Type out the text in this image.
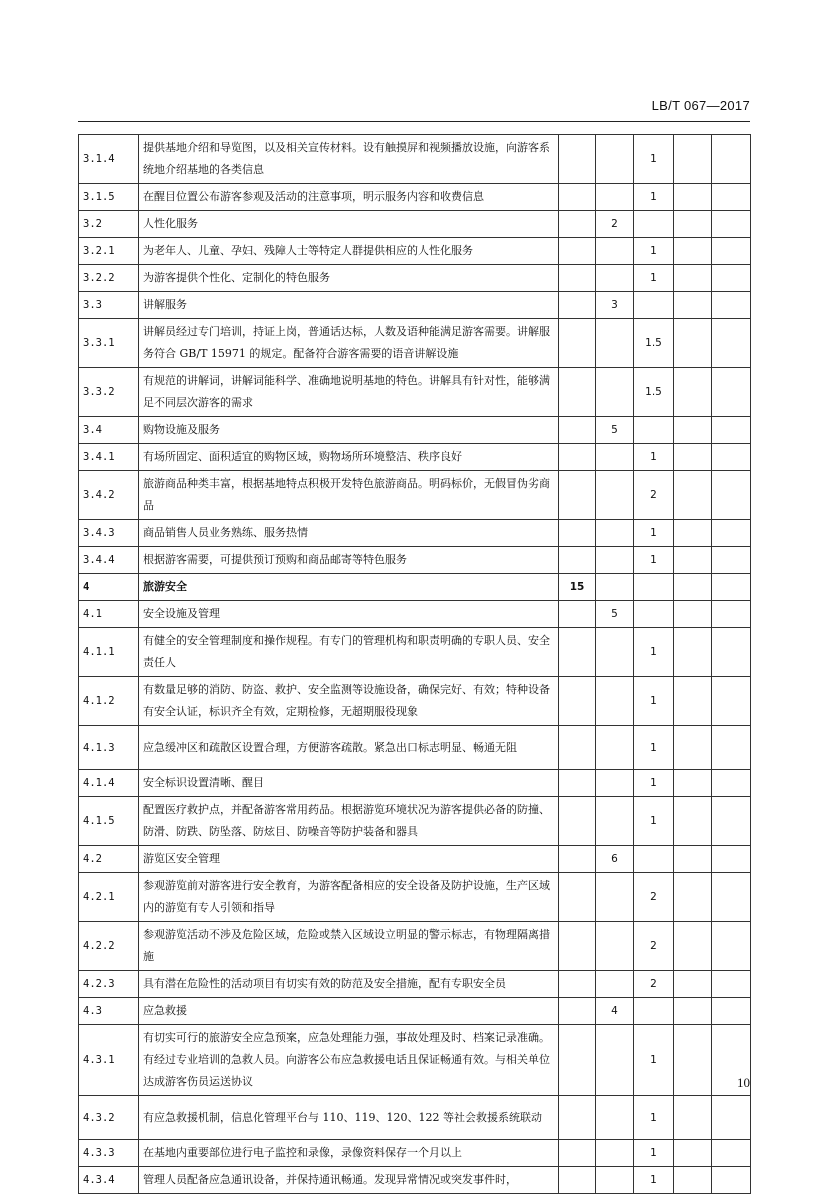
LB/T 067—2017
3.1.4	提供基地介绍和导览图，以及相关宣传材料。设有触摸屏和视频播放设施，向游客系统地介绍基地的各类信息			1		
3.1.5	在醒目位置公布游客参观及活动的注意事项，明示服务内容和收费信息			1		
3.2	人性化服务		2			
3.2.1	为老年人、儿童、孕妇、残障人士等特定人群提供相应的人性化服务			1		
3.2.2	为游客提供个性化、定制化的特色服务			1		
3.3	讲解服务		3			
3.3.1	讲解员经过专门培训，持证上岗，普通话达标，人数及语种能满足游客需要。讲解服务符合 GB/T 15971 的规定。配备符合游客需要的语音讲解设施			1.5		
3.3.2	有规范的讲解词，讲解词能科学、准确地说明基地的特色。讲解具有针对性，能够满足不同层次游客的需求			1.5		
3.4	购物设施及服务		5			
3.4.1	有场所固定、面积适宜的购物区域，购物场所环境整洁、秩序良好			1		
3.4.2	旅游商品种类丰富，根据基地特点积极开发特色旅游商品。明码标价，无假冒伪劣商品			2		
3.4.3	商品销售人员业务熟练、服务热情			1		
3.4.4	根据游客需要，可提供预订预购和商品邮寄等特色服务			1		
4	旅游安全	15				
4.1	安全设施及管理		5			
4.1.1	有健全的安全管理制度和操作规程。有专门的管理机构和职责明确的专职人员、安全责任人			1		
4.1.2	有数量足够的消防、防盗、救护、安全监测等设施设备，确保完好、有效；特种设备有安全认证，标识齐全有效，定期检修，无超期服役现象			1		
4.1.3	应急缓冲区和疏散区设置合理，方便游客疏散。紧急出口标志明显、畅通无阻			1		
4.1.4	安全标识设置清晰、醒目			1		
4.1.5	配置医疗救护点，并配备游客常用药品。根据游览环境状况为游客提供必备的防撞、防滑、防跌、防坠落、防炫目、防噪音等防护装备和器具			1		
4.2	游览区安全管理		6			
4.2.1	参观游览前对游客进行安全教育，为游客配备相应的安全设备及防护设施，生产区域内的游览有专人引领和指导			2		
4.2.2	参观游览活动不涉及危险区域，危险或禁入区域设立明显的警示标志，有物理隔离措施			2		
4.2.3	具有潜在危险性的活动项目有切实有效的防范及安全措施，配有专职安全员			2		
4.3	应急救援		4			
4.3.1	有切实可行的旅游安全应急预案，应急处理能力强，事故处理及时、档案记录准确。有经过专业培训的急救人员。向游客公布应急救援电话且保证畅通有效。与相关单位达成游客伤员运送协议			1		
4.3.2	有应急救援机制，信息化管理平台与 110、119、120、122 等社会救援系统联动			1		
4.3.3	在基地内重要部位进行电子监控和录像，录像资料保存一个月以上			1		
4.3.4	管理人员配备应急通讯设备，并保持通讯畅通。发现异常情况或突发事件时，			1		
10
